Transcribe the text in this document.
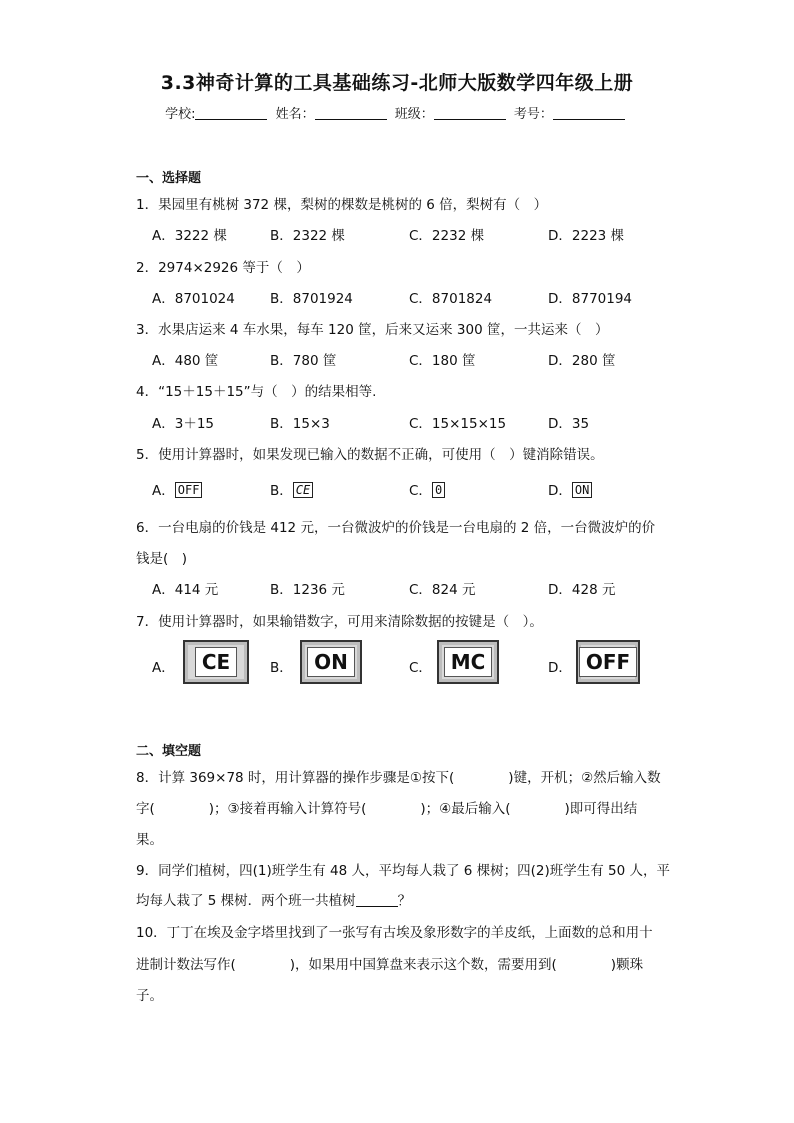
3.3神奇计算的工具基础练习-北师大版数学四年级上册
学校:	姓名：	班级：	考号：
一、选择题
1．果园里有桃树 372 棵，梨树的棵数是桃树的 6 倍，梨树有（　）
A．3222 棵	B．2322 棵	C．2232 棵	D．2223 棵
2．2974×2926 等于（　）
A．8701024	B．8701924	C．8701824	D．8770194
3．水果店运来 4 车水果，每车 120 筐，后来又运来 300 筐，一共运来（　）
A．480 筐	B．780 筐	C．180 筐	D．280 筐
4．“15＋15＋15”与（　）的结果相等.
A．3＋15	B．15×3	C．15×15×15	D．35
5．使用计算器时，如果发现已输入的数据不正确，可使用（　）键消除错误。
A． OFF	B． CE	C． 0	D． ON
6．一台电扇的价钱是 412 元，一台微波炉的价钱是一台电扇的 2 倍，一台微波炉的价
钱是(　)
A．414 元	B．1236 元	C．824 元	D．428 元
7．使用计算器时，如果输错数字，可用来清除数据的按键是（　）。
A．	CE	B．	ON	C． MC	D． OFF
二、填空题
8．计算 369×78 时，用计算器的操作步骤是①按下(　　　　)键，开机；②然后输入数
字(　　　　)；③接着再输入计算符号(　　　　)；④最后输入(　　　　)即可得出结
果。
9．同学们植树，四(1)班学生有 48 人，平均每人栽了 6 棵树；四(2)班学生有 50 人，平
均每人栽了 5 棵树．两个班一共植树	？
10．丁丁在埃及金字塔里找到了一张写有古埃及象形数字的羊皮纸，上面数的总和用十
进制计数法写作(　　　　)，如果用中国算盘来表示这个数，需要用到(　　　　)颗珠
子。
